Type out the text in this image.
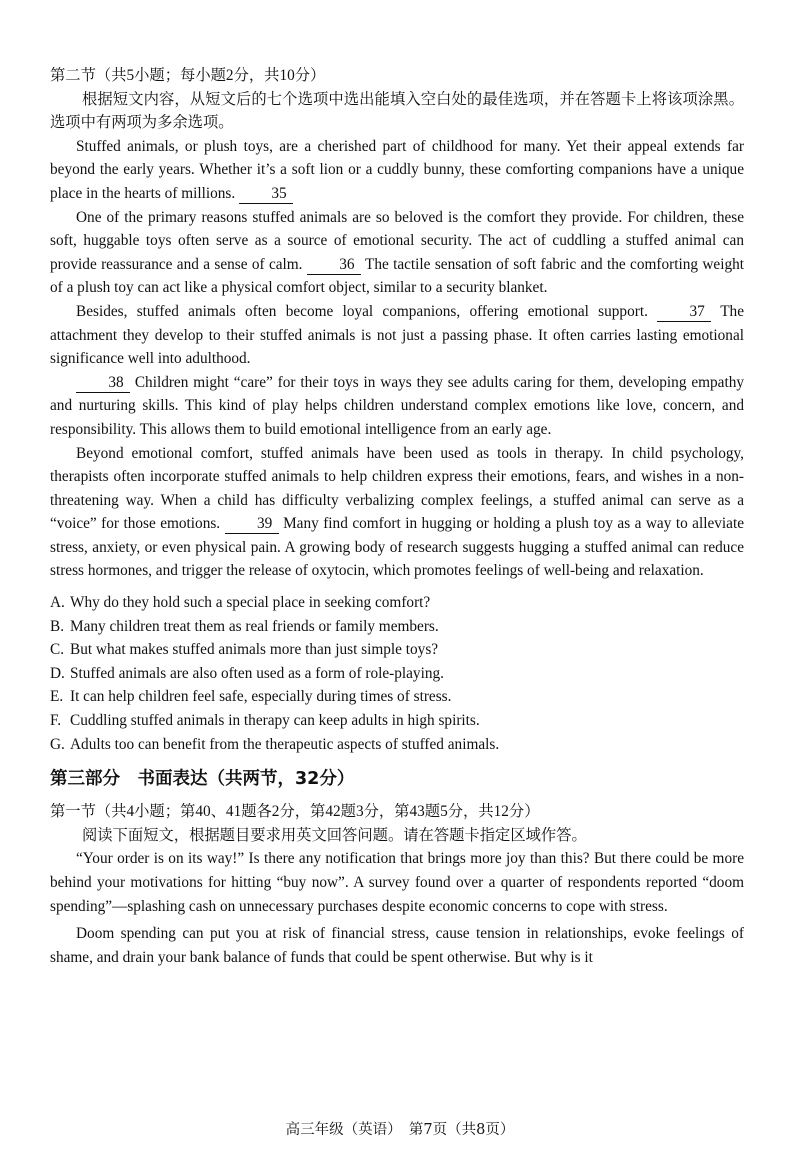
第二节（共5小题；每小题2分，共10分）

根据短文内容，从短文后的七个选项中选出能填入空白处的最佳选项，并在答题卡上将该项涂黑。选项中有两项为多余选项。

Stuffed animals, or plush toys, are a cherished part of childhood for many. Yet their appeal extends far beyond the early years. Whether it’s a soft lion or a cuddly bunny, these comforting companions have a unique place in the hearts of millions. 35

One of the primary reasons stuffed animals are so beloved is the comfort they provide. For children, these soft, huggable toys often serve as a source of emotional security. The act of cuddling a stuffed animal can provide reassurance and a sense of calm. 36 The tactile sensation of soft fabric and the comforting weight of a plush toy can act like a physical comfort object, similar to a security blanket.

Besides, stuffed animals often become loyal companions, offering emotional support.	37 The attachment they develop to their stuffed animals is not just a passing phase. It often carries lasting emotional significance well into adulthood.

38 Children might “care” for their toys in ways they see adults caring for them, developing empathy and nurturing skills. This kind of play helps children understand complex emotions like love, concern, and responsibility. This allows them to build emotional intelligence from an early age.

Beyond emotional comfort, stuffed animals have been used as tools in therapy. In child psychology, therapists often incorporate stuffed animals to help children express their emotions, fears, and wishes in a non-threatening way. When a child has difficulty verbalizing complex feelings, a stuffed animal can serve as a “voice” for those emotions. 39 Many find comfort in hugging or holding a plush toy as a way to alleviate stress, anxiety, or even physical pain. A growing body of research suggests hugging a stuffed animal can reduce stress hormones, and trigger the release of oxytocin, which promotes feelings of well-being and relaxation.

A. Why do they hold such a special place in seeking comfort?

B. Many children treat them as real friends or family members.

C. But what makes stuffed animals more than just simple toys?

D. Stuffed animals are also often used as a form of role-playing.

E. It can help children feel safe, especially during times of stress.

F. Cuddling stuffed animals in therapy can keep adults in high spirits.

G. Adults too can benefit from the therapeutic aspects of stuffed animals.

第三部分　书面表达（共两节，32分）

第一节（共4小题；第40、41题各2分，第42题3分，第43题5分，共12分）

阅读下面短文，根据题目要求用英文回答问题。请在答题卡指定区域作答。

“Your order is on its way!” Is there any notification that brings more joy than this? But there could be more behind your motivations for hitting “buy now”. A survey found over a quarter of respondents reported “doom spending”—splashing cash on unnecessary purchases despite economic concerns to cope with stress.

Doom spending can put you at risk of financial stress, cause tension in relationships, evoke feelings of shame, and drain your bank balance of funds that could be spent otherwise. But why is it

高三年级（英语）　第7页（共8页）
